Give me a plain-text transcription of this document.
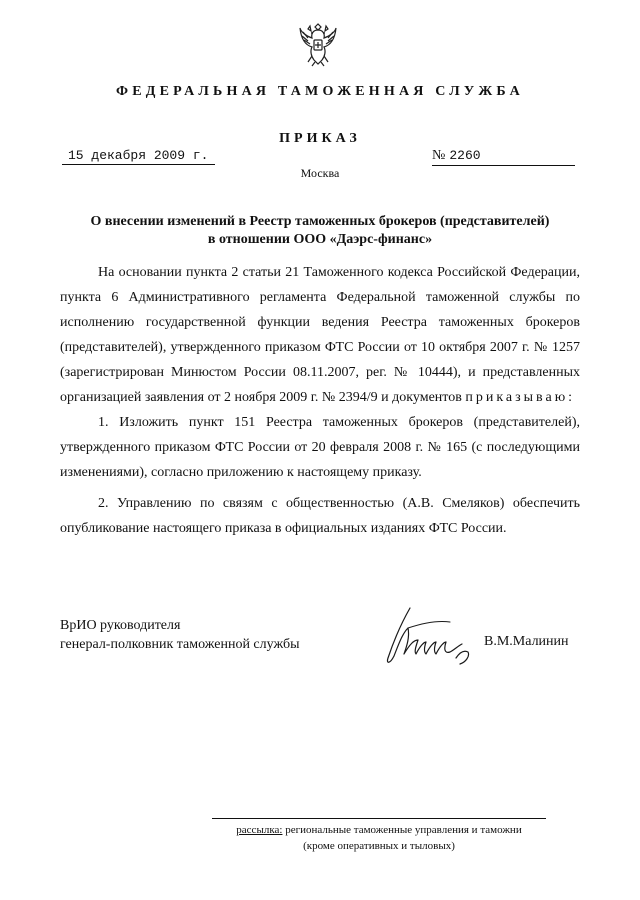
ФЕДЕРАЛЬНАЯ ТАМОЖЕННАЯ СЛУЖБА
ПРИКАЗ
15 декабря 2009 г.	№ 2260
Москва
О внесении изменений в Реестр таможенных брокеров (представителей)
в отношении ООО «Даэрс-финанс»

На основании пункта 2 статьи 21 Таможенного кодекса Российской Федерации, пункта 6 Административного регламента Федеральной таможенной службы по исполнению государственной функции ведения Реестра таможенных брокеров (представителей), утвержденного приказом ФТС России от 10 октября 2007 г. № 1257 (зарегистрирован Минюстом России 08.11.2007, рег. № 10444), и представленных организацией заявления от 2 ноября 2009 г. № 2394/9 и документов приказываю:

1. Изложить пункт 151 Реестра таможенных брокеров (представителей), утвержденного приказом ФТС России от 20 февраля 2008 г. № 165 (с последующими изменениями), согласно приложению к настоящему приказу.

2. Управлению по связям с общественностью (А.В. Смеляков) обеспечить опубликование настоящего приказа в официальных изданиях ФТС России.

ВрИО руководителя
генерал-полковник таможенной службы	В.М.Малинин
рассылка: региональные таможенные управления и таможни
(кроме оперативных и тыловых)
